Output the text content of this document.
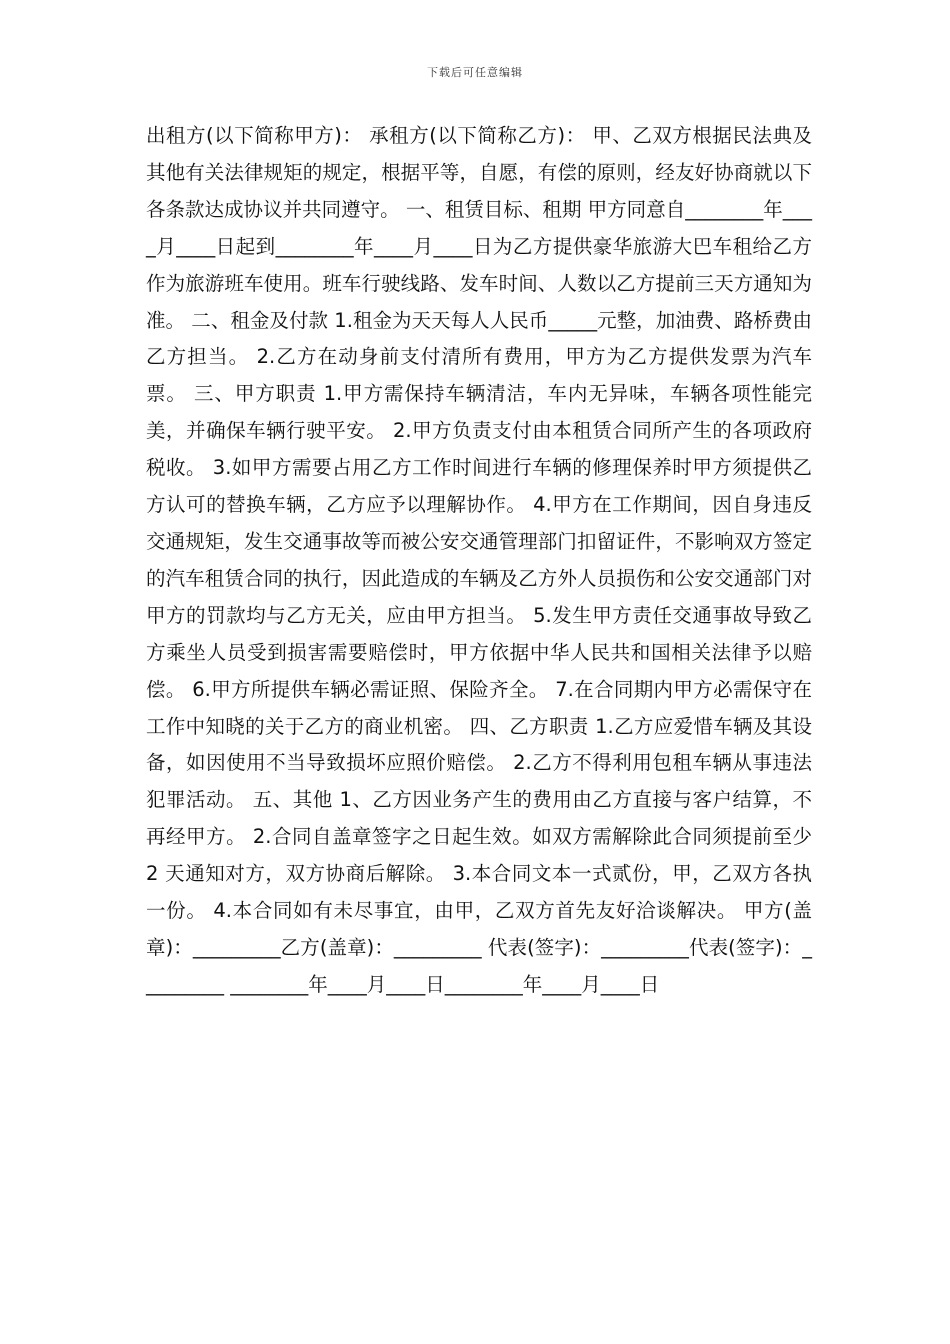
下载后可任意编辑

出租方(以下简称甲方)： 承租方(以下简称乙方)： 甲、乙双方根据民法典及其他有关法律规矩的规定，根据平等，自愿，有偿的原则，经友好协商就以下各条款达成协议并共同遵守。 一、租赁目标、租期 甲方同意自________年____月____日起到________年____月____日为乙方提供豪华旅游大巴车租给乙方作为旅游班车使用。班车行驶线路、发车时间、人数以乙方提前三天方通知为准。 二、租金及付款 1.租金为天天每人人民币_____元整，加油费、路桥费由乙方担当。 2.乙方在动身前支付清所有费用，甲方为乙方提供发票为汽车票。 三、甲方职责 1.甲方需保持车辆清洁，车内无异味，车辆各项性能完美，并确保车辆行驶平安。 2.甲方负责支付由本租赁合同所产生的各项政府税收。 3.如甲方需要占用乙方工作时间进行车辆的修理保养时甲方须提供乙方认可的替换车辆，乙方应予以理解协作。 4.甲方在工作期间，因自身违反交通规矩，发生交通事故等而被公安交通管理部门扣留证件，不影响双方签定的汽车租赁合同的执行，因此造成的车辆及乙方外人员损伤和公安交通部门对甲方的罚款均与乙方无关，应由甲方担当。 5.发生甲方责任交通事故导致乙方乘坐人员受到损害需要赔偿时，甲方依据中华人民共和国相关法律予以赔偿。 6.甲方所提供车辆必需证照、保险齐全。 7.在合同期内甲方必需保守在工作中知晓的关于乙方的商业机密。 四、乙方职责 1.乙方应爱惜车辆及其设备，如因使用不当导致损坏应照价赔偿。 2.乙方不得利用包租车辆从事违法犯罪活动。 五、其他 1、乙方因业务产生的费用由乙方直接与客户结算，不再经甲方。 2.合同自盖章签字之日起生效。如双方需解除此合同须提前至少 2 天通知对方，双方协商后解除。 3.本合同文本一式贰份，甲，乙双方各执一份。 4.本合同如有未尽事宜，由甲，乙双方首先友好洽谈解决。 甲方(盖章)：_________乙方(盖章)：_________ 代表(签字)：_________代表(签字)：_________ ________年____月____日________年____月____日
